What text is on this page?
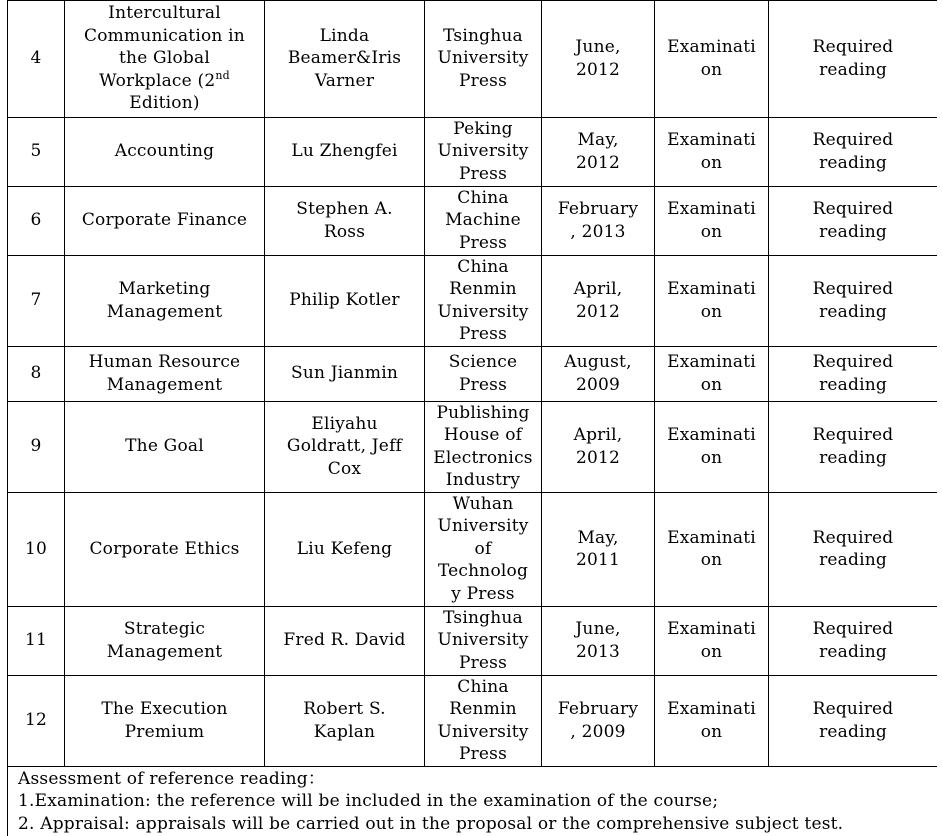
4	Intercultural
Communication in
the Global
Workplace (2nd
Edition)	Linda
Beamer&Iris
Varner	Tsinghua
University
Press	June,
2012	Examinati
on	Required
reading

5	Accounting	Lu Zhengfei	Peking
University
Press	May,
2012	Examinati
on	Required
reading

6	Corporate Finance	Stephen A.
Ross	China
Machine
Press	February
, 2013	Examinati
on	Required
reading

7	Marketing
Management	Philip Kotler	China
Renmin
University
Press	April,
2012	Examinati
on	Required
reading

8	Human Resource
Management	Sun Jianmin	Science
Press	August,
2009	Examinati
on	Required
reading

9	The Goal	Eliyahu
Goldratt, Jeff
Cox	Publishing
House of
Electronics
Industry	April,
2012	Examinati
on	Required
reading

10	Corporate Ethics	Liu Kefeng	Wuhan
University
of
Technolog
y Press	May,
2011	Examinati
on	Required
reading

11	Strategic
Management	Fred R. David	Tsinghua
University
Press	June,
2013	Examinati
on	Required
reading

12	The Execution
Premium	Robert S.
Kaplan	China
Renmin
University
Press	February
, 2009	Examinati
on	Required
reading

Assessment of reference reading：
1.Examination: the reference will be included in the examination of the course;
2. Appraisal: appraisals will be carried out in the proposal or the comprehensive subject test.						
